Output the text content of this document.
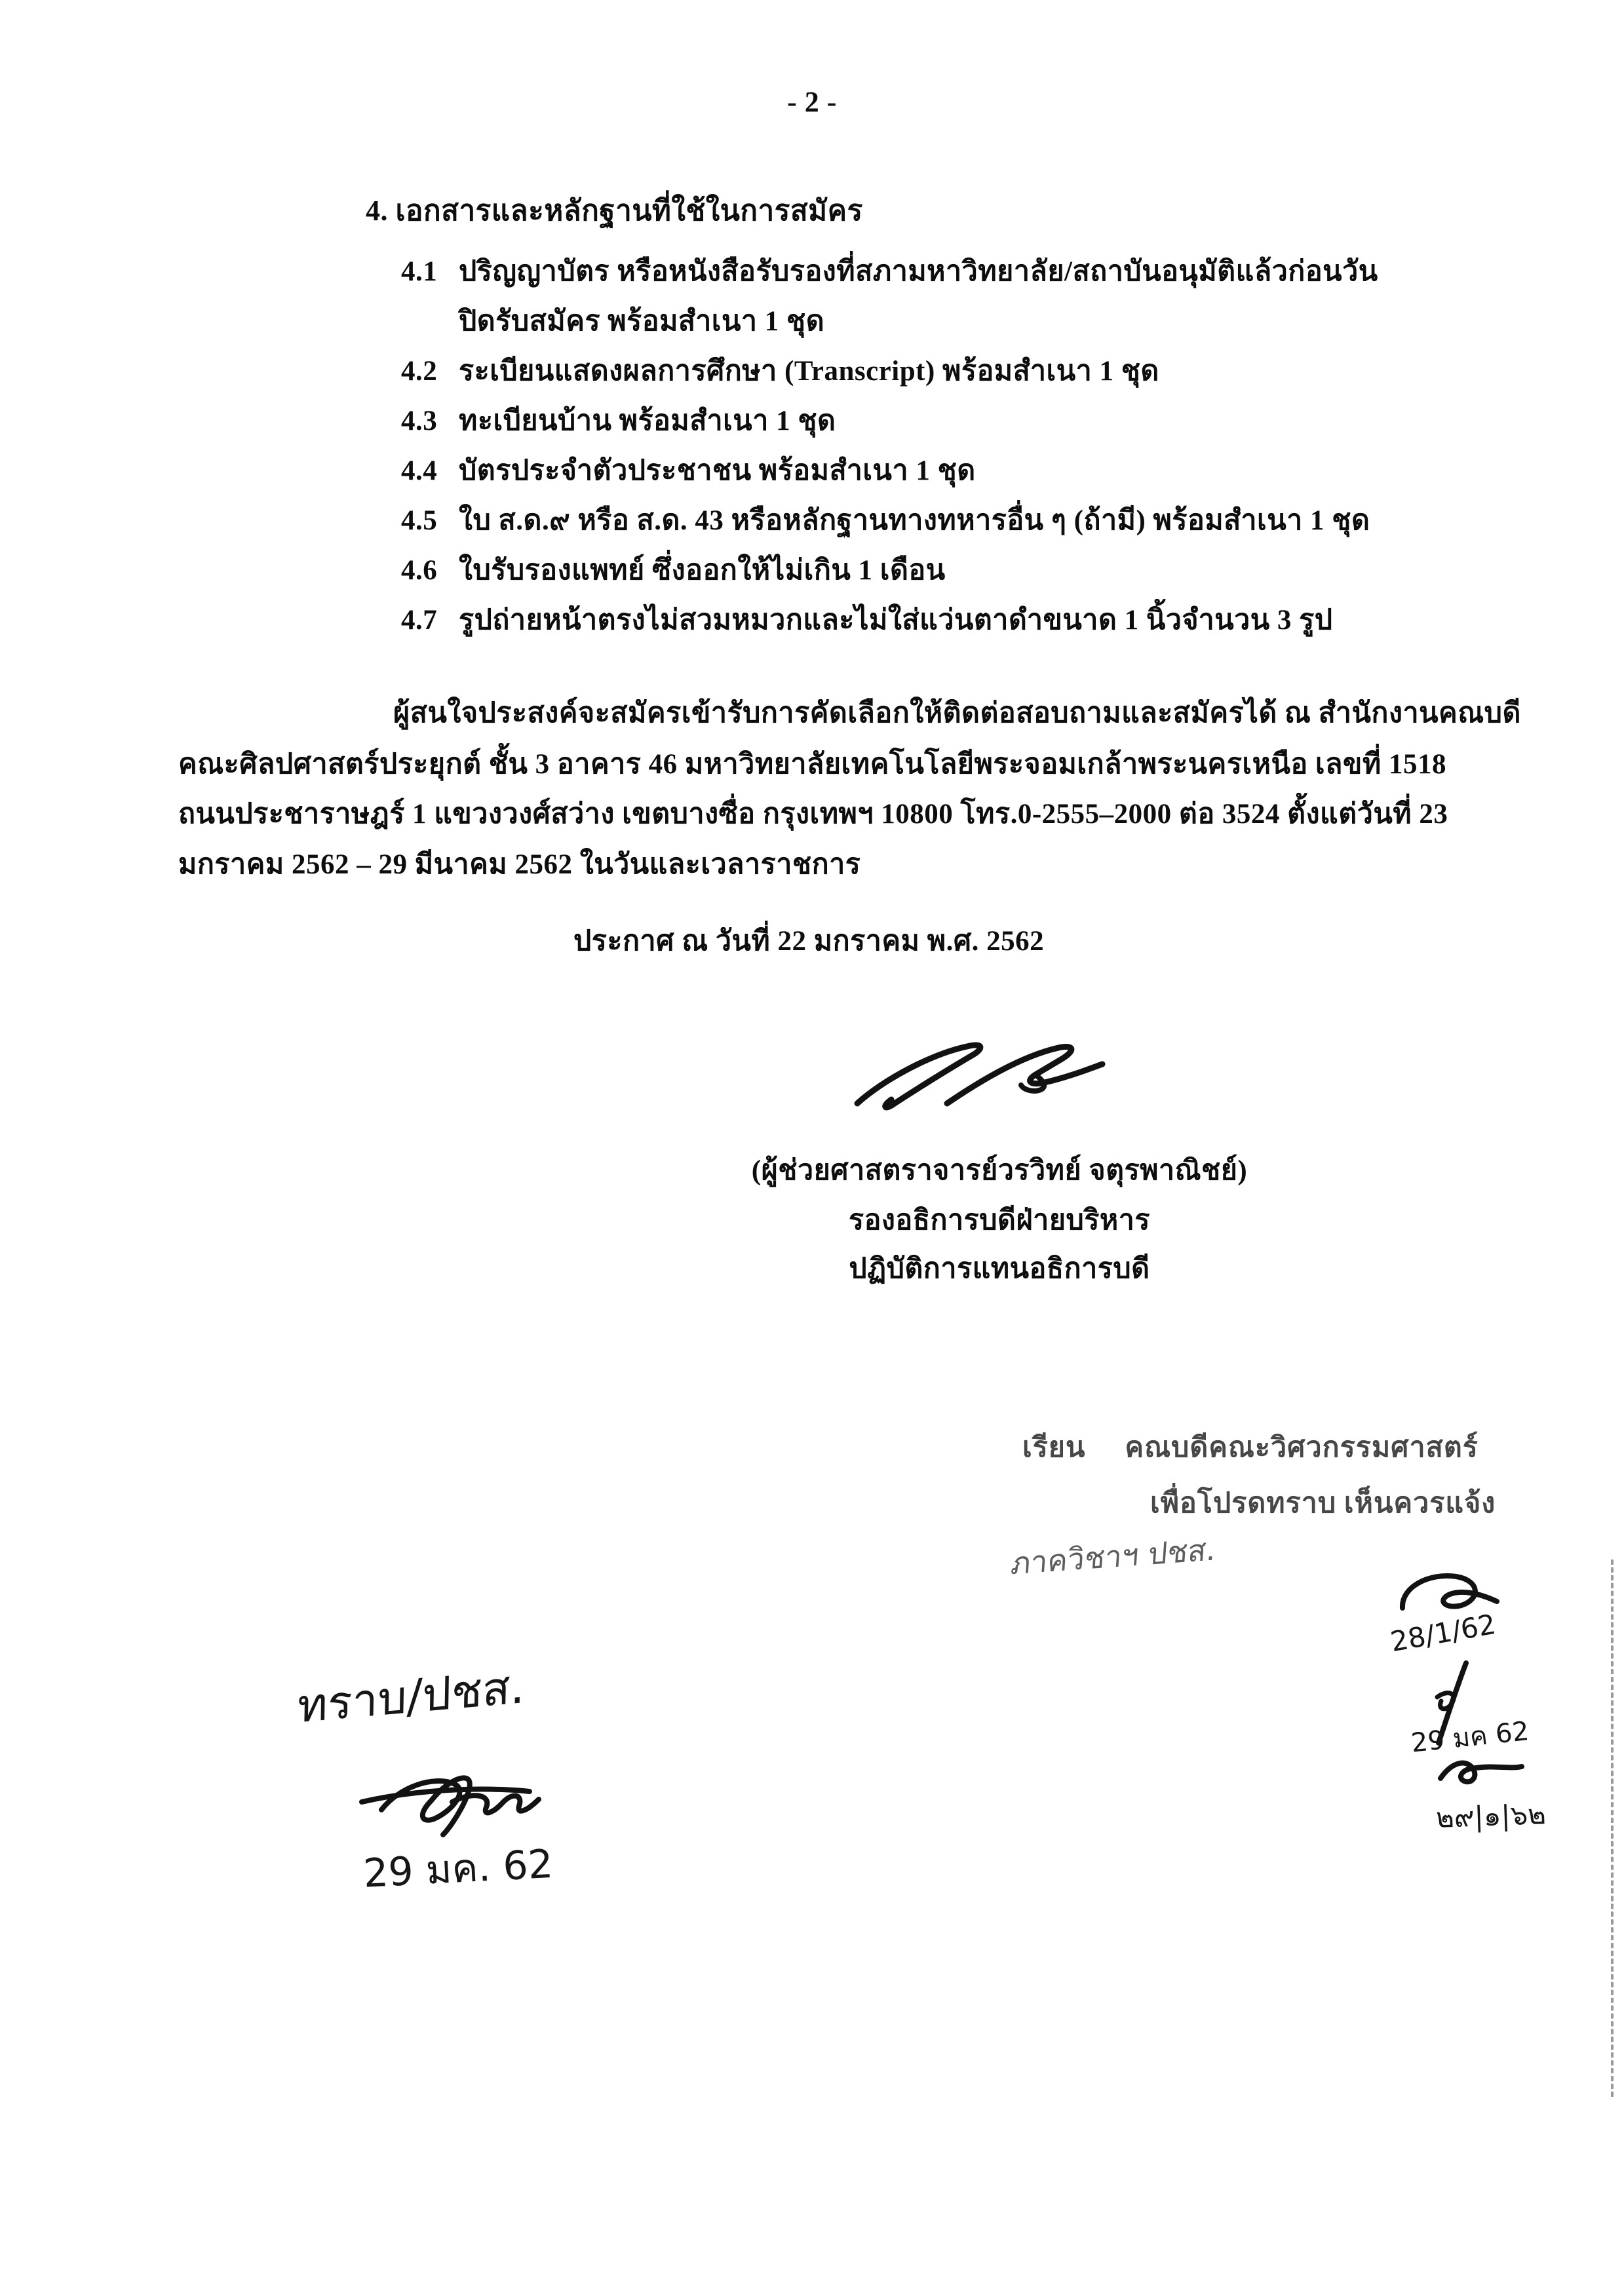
- 2 -
4. เอกสารและหลักฐานที่ใช้ในการสมัคร
4.1 ปริญญาบัตร หรือหนังสือรับรองที่สภามหาวิทยาลัย/สถาบันอนุมัติแล้วก่อนวัน
ปิดรับสมัคร พร้อมสำเนา 1 ชุด
4.2 ระเบียนแสดงผลการศึกษา (Transcript) พร้อมสำเนา 1 ชุด
4.3 ทะเบียนบ้าน พร้อมสำเนา 1 ชุด
4.4 บัตรประจำตัวประชาชน พร้อมสำเนา 1 ชุด
4.5 ใบ ส.ด.๙ หรือ ส.ด. 43 หรือหลักฐานทางทหารอื่น ๆ (ถ้ามี) พร้อมสำเนา 1 ชุด
4.6 ใบรับรองแพทย์ ซึ่งออกให้ไม่เกิน 1 เดือน
4.7 รูปถ่ายหน้าตรงไม่สวมหมวกและไม่ใส่แว่นตาดำขนาด 1 นิ้วจำนวน 3 รูป
ผู้สนใจประสงค์จะสมัครเข้ารับการคัดเลือกให้ติดต่อสอบถามและสมัครได้ ณ สำนักงานคณบดี
คณะศิลปศาสตร์ประยุกต์ ชั้น 3 อาคาร 46 มหาวิทยาลัยเทคโนโลยีพระจอมเกล้าพระนครเหนือ เลขที่ 1518
ถนนประชาราษฎร์ 1 แขวงวงศ์สว่าง เขตบางซื่อ กรุงเทพฯ 10800 โทร.0-2555–2000 ต่อ 3524 ตั้งแต่วันที่ 23
มกราคม 2562 – 29 มีนาคม 2562 ในวันและเวลาราชการ
ประกาศ ณ วันที่ 22 มกราคม พ.ศ. 2562
(ผู้ช่วยศาสตราจารย์วรวิทย์ จตุรพาณิชย์)
รองอธิการบดีฝ่ายบริหาร
ปฏิบัติการแทนอธิการบดี
เรียน คณบดีคณะวิศวกรรมศาสตร์
เพื่อโปรดทราบ เห็นควรแจ้ง
ภาควิชาฯ ปชส.
28/1/62
29 มค 62
๒๙|๑|๖๒
ทราบ/ปชส.
29 มค. 62
